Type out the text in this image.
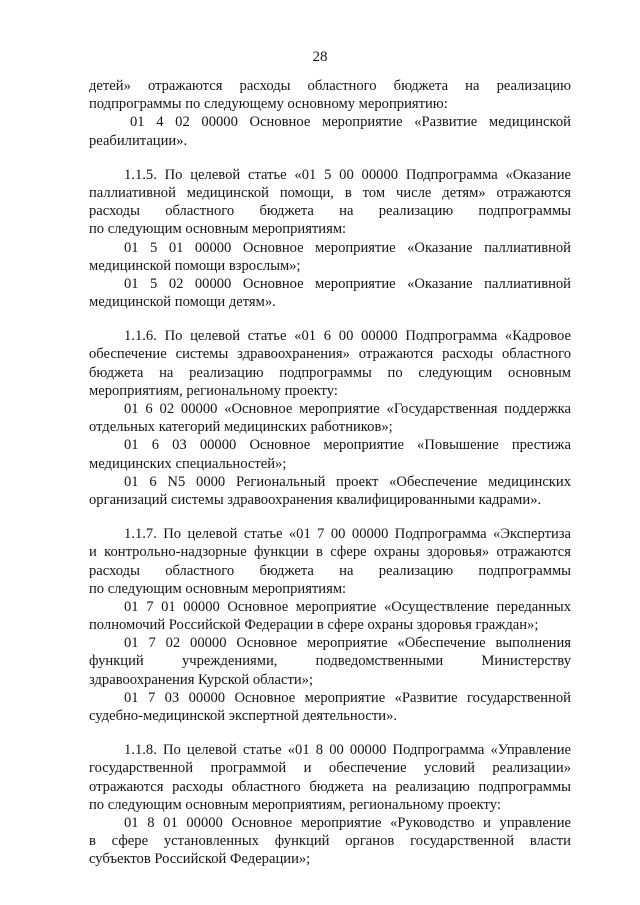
28
детей» отражаются расходы областного бюджета на реализацию
подпрограммы по следующему основному мероприятию:
01 4 02 00000 Основное мероприятие «Развитие медицинской
реабилитации».
1.1.5. По целевой статье «01 5 00 00000 Подпрограмма «Оказание
паллиативной медицинской помощи, в том числе детям» отражаются
расходы областного бюджета на реализацию подпрограммы
по следующим основным мероприятиям:
01 5 01 00000 Основное мероприятие «Оказание паллиативной
медицинской помощи взрослым»;
01 5 02 00000 Основное мероприятие «Оказание паллиативной
медицинской помощи детям».
1.1.6. По целевой статье «01 6 00 00000 Подпрограмма «Кадровое
обеспечение системы здравоохранения» отражаются расходы областного
бюджета на реализацию подпрограммы по следующим основным
мероприятиям, региональному проекту:
01 6 02 00000 «Основное мероприятие «Государственная поддержка
отдельных категорий медицинских работников»;
01 6 03 00000 Основное мероприятие «Повышение престижа
медицинских специальностей»;
01 6 N5 0000 Региональный проект «Обеспечение медицинских
организаций системы здравоохранения квалифицированными кадрами».
1.1.7. По целевой статье «01 7 00 00000 Подпрограмма «Экспертиза
и контрольно-надзорные функции в сфере охраны здоровья» отражаются
расходы областного бюджета на реализацию подпрограммы
по следующим основным мероприятиям:
01 7 01 00000 Основное мероприятие «Осуществление переданных
полномочий Российской Федерации в сфере охраны здоровья граждан»;
01 7 02 00000 Основное мероприятие «Обеспечение выполнения
функций учреждениями, подведомственными Министерству
здравоохранения Курской области»;
01 7 03 00000 Основное мероприятие «Развитие государственной
судебно-медицинской экспертной деятельности».
1.1.8. По целевой статье «01 8 00 00000 Подпрограмма «Управление
государственной программой и обеспечение условий реализации»
отражаются расходы областного бюджета на реализацию подпрограммы
по следующим основным мероприятиям, региональному проекту:
01 8 01 00000 Основное мероприятие «Руководство и управление
в сфере установленных функций органов государственной власти
субъектов Российской Федерации»;
